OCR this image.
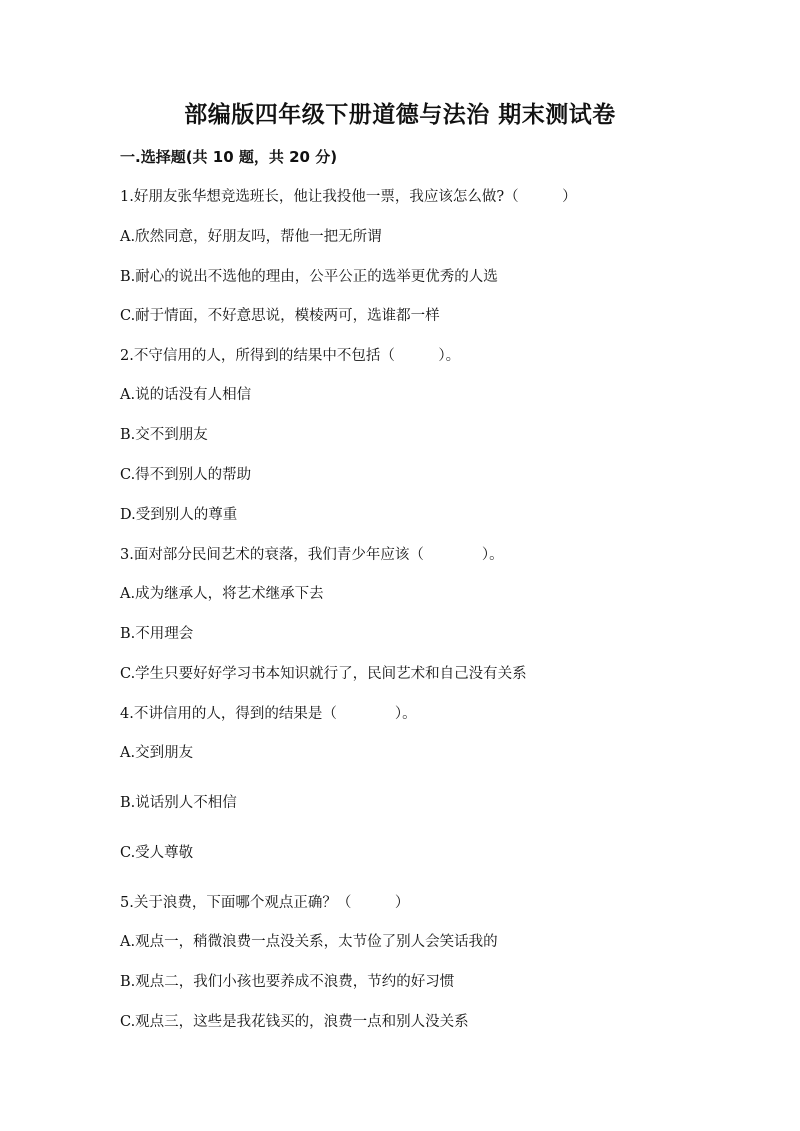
部编版四年级下册道德与法治 期末测试卷
一.选择题(共 10 题，共 20 分)
1.好朋友张华想竞选班长，他让我投他一票，我应该怎么做?（　　　）
A.欣然同意，好朋友吗，帮他一把无所谓
B.耐心的说出不选他的理由，公平公正的选举更优秀的人选
C.耐于情面，不好意思说，模棱两可，选谁都一样
2.不守信用的人，所得到的结果中不包括（　　　）。
A.说的话没有人相信
B.交不到朋友
C.得不到别人的帮助
D.受到别人的尊重
3.面对部分民间艺术的衰落，我们青少年应该（　　　　）。
A.成为继承人，将艺术继承下去
B.不用理会
C.学生只要好好学习书本知识就行了，民间艺术和自己没有关系
4.不讲信用的人，得到的结果是（　　　　）。
A.交到朋友
B.说话别人不相信
C.受人尊敬
5.关于浪费，下面哪个观点正确？（　　　）
A.观点一，稍微浪费一点没关系，太节俭了别人会笑话我的
B.观点二，我们小孩也要养成不浪费，节约的好习惯
C.观点三，这些是我花钱买的，浪费一点和别人没关系
